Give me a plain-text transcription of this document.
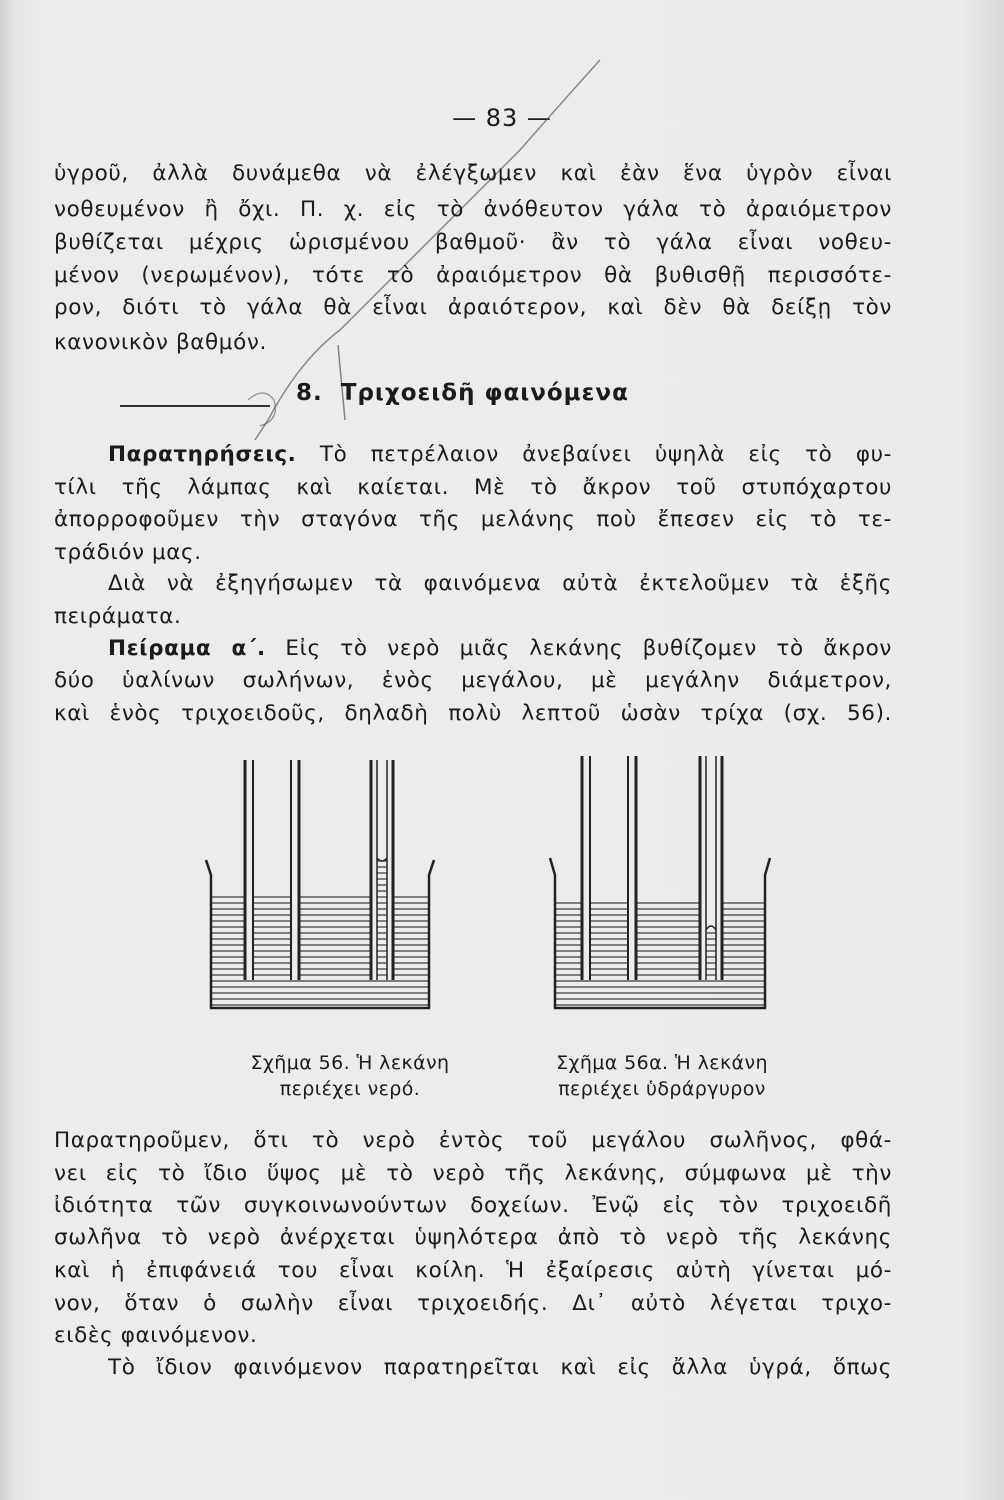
— 83 —
ὑγροῦ, ἀλλὰ δυνάμεθα νὰ ἐλέγξωμεν καὶ ἐὰν ἕνα ὑγρὸν εἶναι
νοθευμένον ἢ ὄχι. Π. χ. εἰς τὸ ἀνόθευτον γάλα τὸ ἀραιόμετρον
βυθίζεται μέχρις ὡρισμένου βαθμοῦ· ἂν τὸ γάλα εἶναι νοθευ-
μένον (νερωμένον), τότε τὸ ἀραιόμετρον θὰ βυθισθῇ περισσότε-
ρον, διότι τὸ γάλα θὰ εἶναι ἀραιότερον, καὶ δὲν θὰ δείξῃ τὸν
κανονικὸν βαθμόν.
8. Τριχοειδῆ φαινόμενα
Παρατηρήσεις. Τὸ πετρέλαιον ἀνεβαίνει ὑψηλὰ εἰς τὸ φυ-
τίλι τῆς λάμπας καὶ καίεται. Μὲ τὸ ἄκρον τοῦ στυπόχαρτου
ἀπορροφοῦμεν τὴν σταγόνα τῆς μελάνης ποὺ ἔπεσεν εἰς τὸ τε-
τράδιόν μας.
Διὰ νὰ ἐξηγήσωμεν τὰ φαινόμενα αὐτὰ ἐκτελοῦμεν τὰ ἑξῆς
πειράματα.
Πείραμα α΄. Εἰς τὸ νερὸ μιᾶς λεκάνης βυθίζομεν τὸ ἄκρον
δύο ὑαλίνων σωλήνων, ἑνὸς μεγάλου, μὲ μεγάλην διάμετρον,
καὶ ἑνὸς τριχοειδοῦς, δηλαδὴ πολὺ λεπτοῦ ὡσὰν τρίχα (σχ. 56).
Σχῆμα 56. Ἡ λεκάνη
περιέχει νερό.
Σχῆμα 56α. Ἡ λεκάνη
περιέχει ὑδράργυρον
Παρατηροῦμεν, ὅτι τὸ νερὸ ἐντὸς τοῦ μεγάλου σωλῆνος, φθά-
νει εἰς τὸ ἴδιο ὕψος μὲ τὸ νερὸ τῆς λεκάνης, σύμφωνα μὲ τὴν
ἰδιότητα τῶν συγκοινωνούντων δοχείων. Ἐνῷ εἰς τὸν τριχοειδῆ
σωλῆνα τὸ νερὸ ἀνέρχεται ὑψηλότερα ἀπὸ τὸ νερὸ τῆς λεκάνης
καὶ ἡ ἐπιφάνειά του εἶναι κοίλη. Ἡ ἐξαίρεσις αὐτὴ γίνεται μό-
νον, ὅταν ὁ σωλὴν εἶναι τριχοειδής. Δι᾽ αὐτὸ λέγεται τριχο-
ειδὲς φαινόμενον.
Τὸ ἴδιον φαινόμενον παρατηρεῖται καὶ εἰς ἄλλα ὑγρά, ὅπως
